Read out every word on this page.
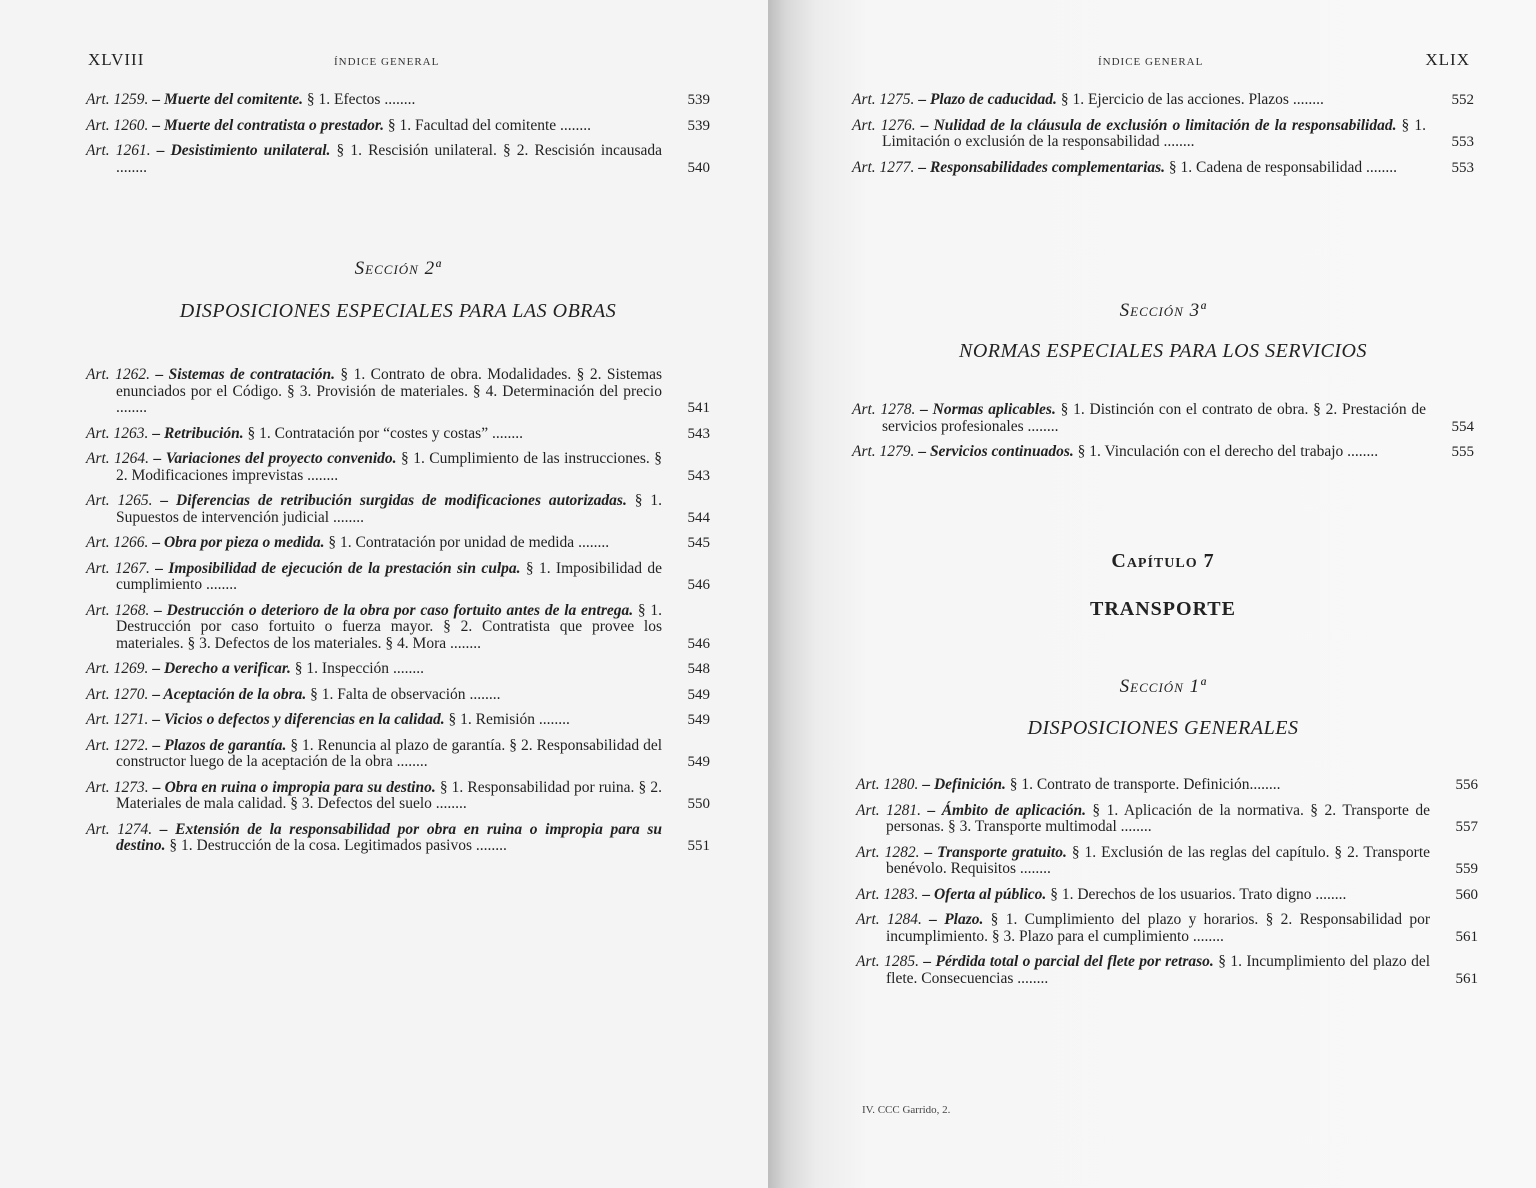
XLVIII	ÍNDICE GENERAL
Art. 1259. – Muerte del comitente. § 1. Efectos ........	539
Art. 1260. – Muerte del contratista o prestador. § 1. Facultad del comitente ........	539
Art. 1261. – Desistimiento unilateral. § 1. Rescisión unilateral. § 2. Rescisión incausada ........	540
Sección 2ª
DISPOSICIONES ESPECIALES PARA LAS OBRAS
Art. 1262. – Sistemas de contratación. § 1. Contrato de obra. Modalidades. § 2. Sistemas enunciados por el Código. § 3. Provisión de materiales. § 4. Determinación del precio ........	541
Art. 1263. – Retribución. § 1. Contratación por “costes y costas” ........	543
Art. 1264. – Variaciones del proyecto convenido. § 1. Cumplimiento de las instrucciones. § 2. Modificaciones imprevistas ........	543
Art. 1265. – Diferencias de retribución surgidas de modificaciones autorizadas. § 1. Supuestos de intervención judicial ........	544
Art. 1266. – Obra por pieza o medida. § 1. Contratación por unidad de medida ........	545
Art. 1267. – Imposibilidad de ejecución de la prestación sin culpa. § 1. Imposibilidad de cumplimiento ........	546
Art. 1268. – Destrucción o deterioro de la obra por caso fortuito antes de la entrega. § 1. Destrucción por caso fortuito o fuerza mayor. § 2. Contratista que provee los materiales. § 3. Defectos de los materiales. § 4. Mora ........	546
Art. 1269. – Derecho a verificar. § 1. Inspección ........	548
Art. 1270. – Aceptación de la obra. § 1. Falta de observación ........	549
Art. 1271. – Vicios o defectos y diferencias en la calidad. § 1. Remisión ........	549
Art. 1272. – Plazos de garantía. § 1. Renuncia al plazo de garantía. § 2. Responsabilidad del constructor luego de la aceptación de la obra ........	549
Art. 1273. – Obra en ruina o impropia para su destino. § 1. Responsabilidad por ruina. § 2. Materiales de mala calidad. § 3. Defectos del suelo ........	550
Art. 1274. – Extensión de la responsabilidad por obra en ruina o impropia para su destino. § 1. Destrucción de la cosa. Legitimados pasivos ........	551
XLIX
ÍNDICE GENERAL
Art. 1275. – Plazo de caducidad. § 1. Ejercicio de las acciones. Plazos ........	552
Art. 1276. – Nulidad de la cláusula de exclusión o limitación de la responsabilidad. § 1. Limitación o exclusión de la responsabilidad ........	553
Art. 1277. – Responsabilidades complementarias. § 1. Cadena de responsabilidad ........	553
Sección 3ª
NORMAS ESPECIALES PARA LOS SERVICIOS
Art. 1278. – Normas aplicables. § 1. Distinción con el contrato de obra. § 2. Prestación de servicios profesionales ........	554
Art. 1279. – Servicios continuados. § 1. Vinculación con el derecho del trabajo ........	555
Capítulo 7
TRANSPORTE
Sección 1ª
DISPOSICIONES GENERALES
Art. 1280. – Definición. § 1. Contrato de transporte. Definición........	556
Art. 1281. – Ámbito de aplicación. § 1. Aplicación de la normativa. § 2. Transporte de personas. § 3. Transporte multimodal ........	557
Art. 1282. – Transporte gratuito. § 1. Exclusión de las reglas del capítulo. § 2. Transporte benévolo. Requisitos ........	559
Art. 1283. – Oferta al público. § 1. Derechos de los usuarios. Trato digno ........	560
Art. 1284. – Plazo. § 1. Cumplimiento del plazo y horarios. § 2. Responsabilidad por incumplimiento. § 3. Plazo para el cumplimiento ........	561
Art. 1285. – Pérdida total o parcial del flete por retraso. § 1. Incumplimiento del plazo del flete. Consecuencias ........	561
IV. CCC Garrido, 2.
